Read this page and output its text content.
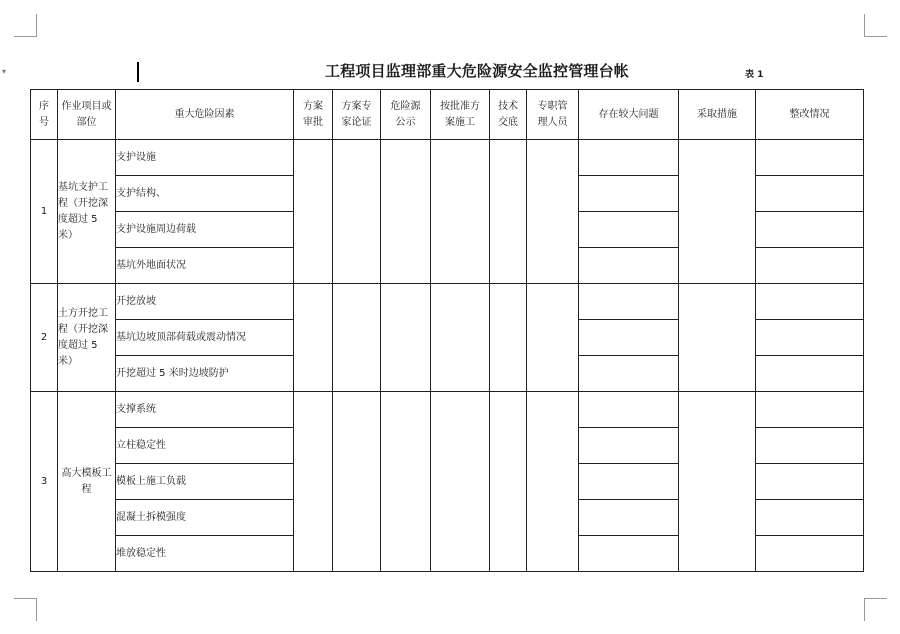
▾	工程项目监理部重大危险源安全监控管理台帐	表 1
序号	作业项目或部位	重大危险因素	方案审批	方案专家论证	危险源公示	按批准方案施工	技术交底	专职管理人员	存在较大问题	采取措施	整改情况
1	基坑支护工程（开挖深度超过 5 米）	支护设施									
		支护结构、									
		支护设施周边荷载									
		基坑外地面状况									
2	土方开挖工程（开挖深度超过 5 米）	开挖放坡									
		基坑边坡顶部荷载或震动情况									
		开挖超过 5 米时边坡防护									
3	高大模板工程	支撑系统									
		立柱稳定性									
		模板上施工负载									
		混凝土拆模强度									
		堆放稳定性									
